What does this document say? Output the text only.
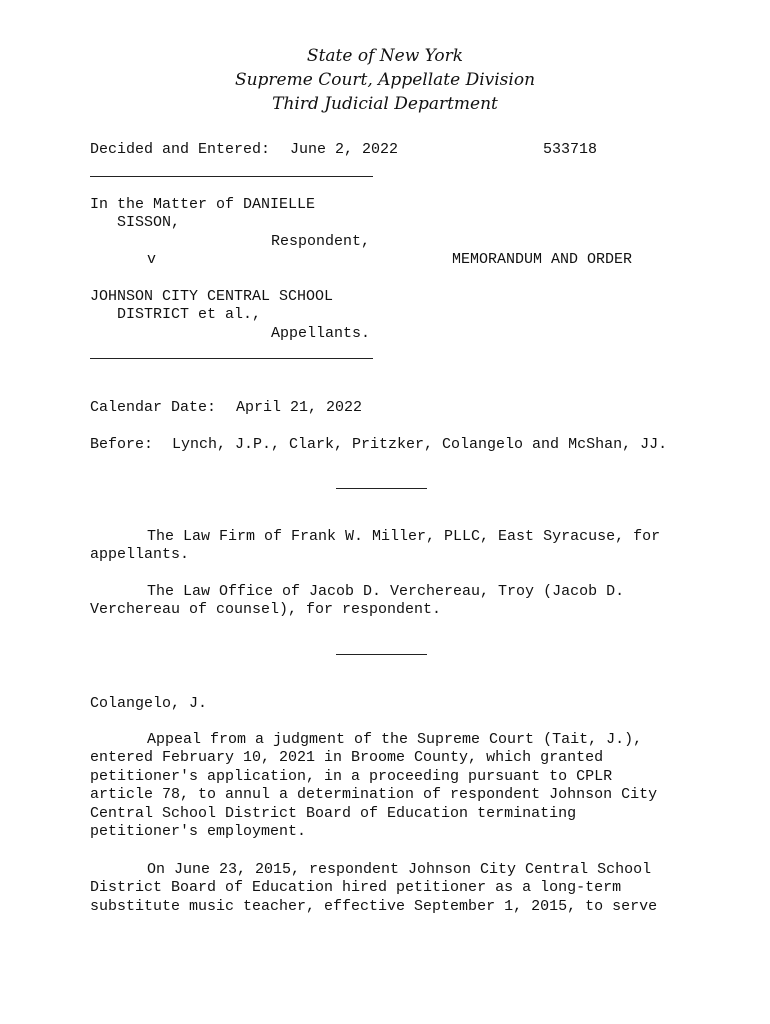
State of New York
Supreme Court, Appellate Division
Third Judicial Department
Decided and Entered: June 2, 2022	533718
In the Matter of DANIELLE
SISSON,
Respondent,
v	MEMORANDUM AND ORDER
JOHNSON CITY CENTRAL SCHOOL
DISTRICT et al.,
Appellants.
Calendar Date: April 21, 2022
Before: Lynch, J.P., Clark, Pritzker, Colangelo and McShan, JJ.
The Law Firm of Frank W. Miller, PLLC, East Syracuse, for
appellants.
The Law Office of Jacob D. Verchereau, Troy (Jacob D.
Verchereau of counsel), for respondent.
Colangelo, J.
Appeal from a judgment of the Supreme Court (Tait, J.),
entered February 10, 2021 in Broome County, which granted
petitioner's application, in a proceeding pursuant to CPLR
article 78, to annul a determination of respondent Johnson City
Central School District Board of Education terminating
petitioner's employment.
On June 23, 2015, respondent Johnson City Central School
District Board of Education hired petitioner as a long-term
substitute music teacher, effective September 1, 2015, to serve
